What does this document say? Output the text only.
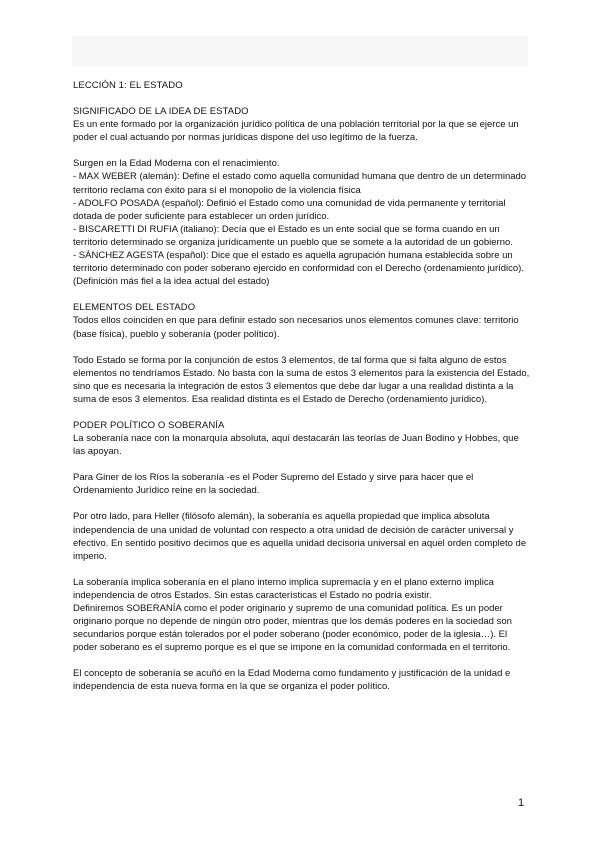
LECCIÓN 1: EL ESTADO

SIGNIFICADO DE LA IDEA DE ESTADO

Es un ente formado por la organización jurídico política de una población territorial por la que se ejerce un poder el cual actuando por normas jurídicas dispone del uso legítimo de la fuerza.

Surgen en la Edad Moderna con el renacimiento.

- MAX WEBER (alemán): Define el estado como aquella comunidad humana que dentro de un determinado territorio reclama con éxito para sí el monopolio de la violencia física

- ADOLFO POSADA (español): Definió el Estado como una comunidad de vida permanente y territorial dotada de poder suficiente para establecer un orden jurídico.

- BISCARETTI DI RUFIA (italiano): Decía que el Estado es un ente social que se forma cuando en un territorio determinado se organiza jurídicamente un pueblo que se somete a la autoridad de un gobierno.

- SÁNCHEZ AGESTA (español): Dice que el estado es aquella agrupación humana establecida sobre un territorio determinado con poder soberano ejercido en conformidad con el Derecho (ordenamiento jurídico). (Definición más fiel a la idea actual del estado)

ELEMENTOS DEL ESTADO

Todos ellos coinciden en que para definir estado son necesarios unos elementos comunes clave: territorio (base física), pueblo y soberanía (poder político).

Todo Estado se forma por la conjunción de estos 3 elementos, de tal forma que si falta alguno de estos elementos no tendríamos Estado. No basta con la suma de estos 3 elementos para la existencia del Estado, sino que es necesaria la integración de estos 3 elementos que debe dar lugar a una realidad distinta a la suma de esos 3 elementos. Esa realidad distinta es el Estado de Derecho (ordenamiento jurídico).

PODER POLÍTICO O SOBERANÍA

La soberanía nace con la monarquía absoluta, aquí destacarán las teorías de Juan Bodino y Hobbes, que las apoyan.

Para Giner de los Ríos la soberanía -es el Poder Supremo del Estado y sirve para hacer que el Ordenamiento Jurídico reine en la sociedad.

Por otro lado, para Heller (filósofo alemán), la soberanía es aquella propiedad que implica absoluta independencia de una unidad de voluntad con respecto a otra unidad de decisión de carácter universal y efectivo. En sentido positivo decimos que es aquella unidad decisoria universal en aquel orden completo de imperio.

La soberanía implica soberanía en el plano interno implica supremacía y en el plano externo implica independencia de otros Estados. Sin estas características el Estado no podría existir.

Definiremos SOBERANÍA como el poder originario y supremo de una comunidad política. Es un poder originario porque no depende de ningún otro poder, mientras que los demás poderes en la sociedad son secundarios porque están tolerados por el poder soberano (poder económico, poder de la iglesia…). El poder soberano es el supremo porque es el que se impone en la comunidad conformada en el territorio.

El concepto de soberanía se acuñó en la Edad Moderna como fundamento y justificación de la unidad e independencia de esta nueva forma en la que se organiza el poder político.

1
